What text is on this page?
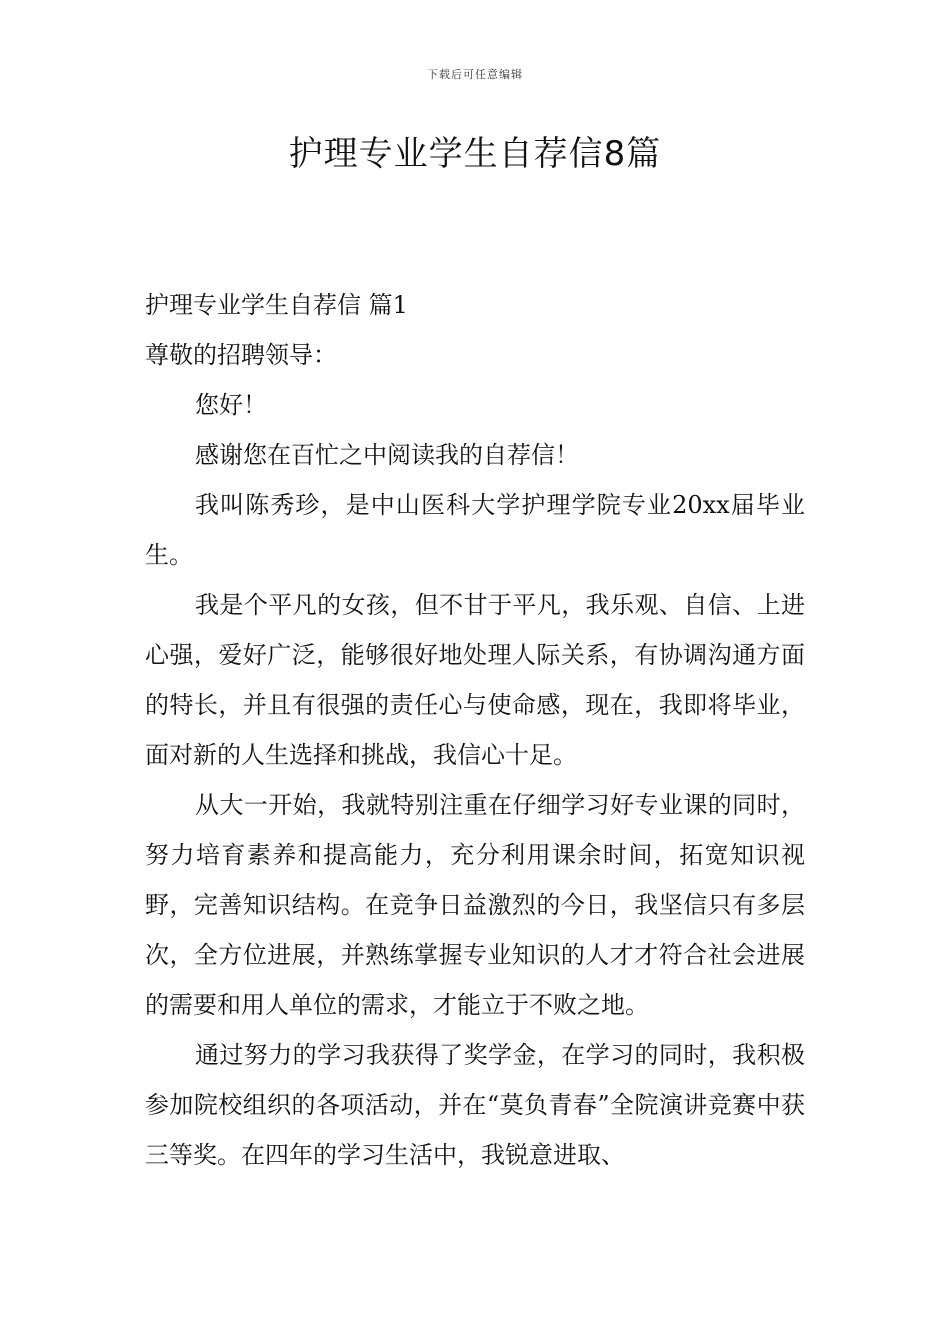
下载后可任意编辑
护理专业学生自荐信8篇

护理专业学生自荐信 篇1

尊敬的招聘领导：

您好！

感谢您在百忙之中阅读我的自荐信！

我叫陈秀珍，是中山医科大学护理学院专业20xx届毕业生。

我是个平凡的女孩，但不甘于平凡，我乐观、自信、上进心强，爱好广泛，能够很好地处理人际关系，有协调沟通方面的特长，并且有很强的责任心与使命感，现在，我即将毕业，面对新的人生选择和挑战，我信心十足。

从大一开始，我就特别注重在仔细学习好专业课的同时，努力培育素养和提高能力，充分利用课余时间，拓宽知识视野，完善知识结构。在竞争日益激烈的今日，我坚信只有多层次，全方位进展，并熟练掌握专业知识的人才才符合社会进展的需要和用人单位的需求，才能立于不败之地。

通过努力的学习我获得了奖学金，在学习的同时，我积极参加院校组织的各项活动，并在“莫负青春”全院演讲竞赛中获三等奖。在四年的学习生活中，我锐意进取、
